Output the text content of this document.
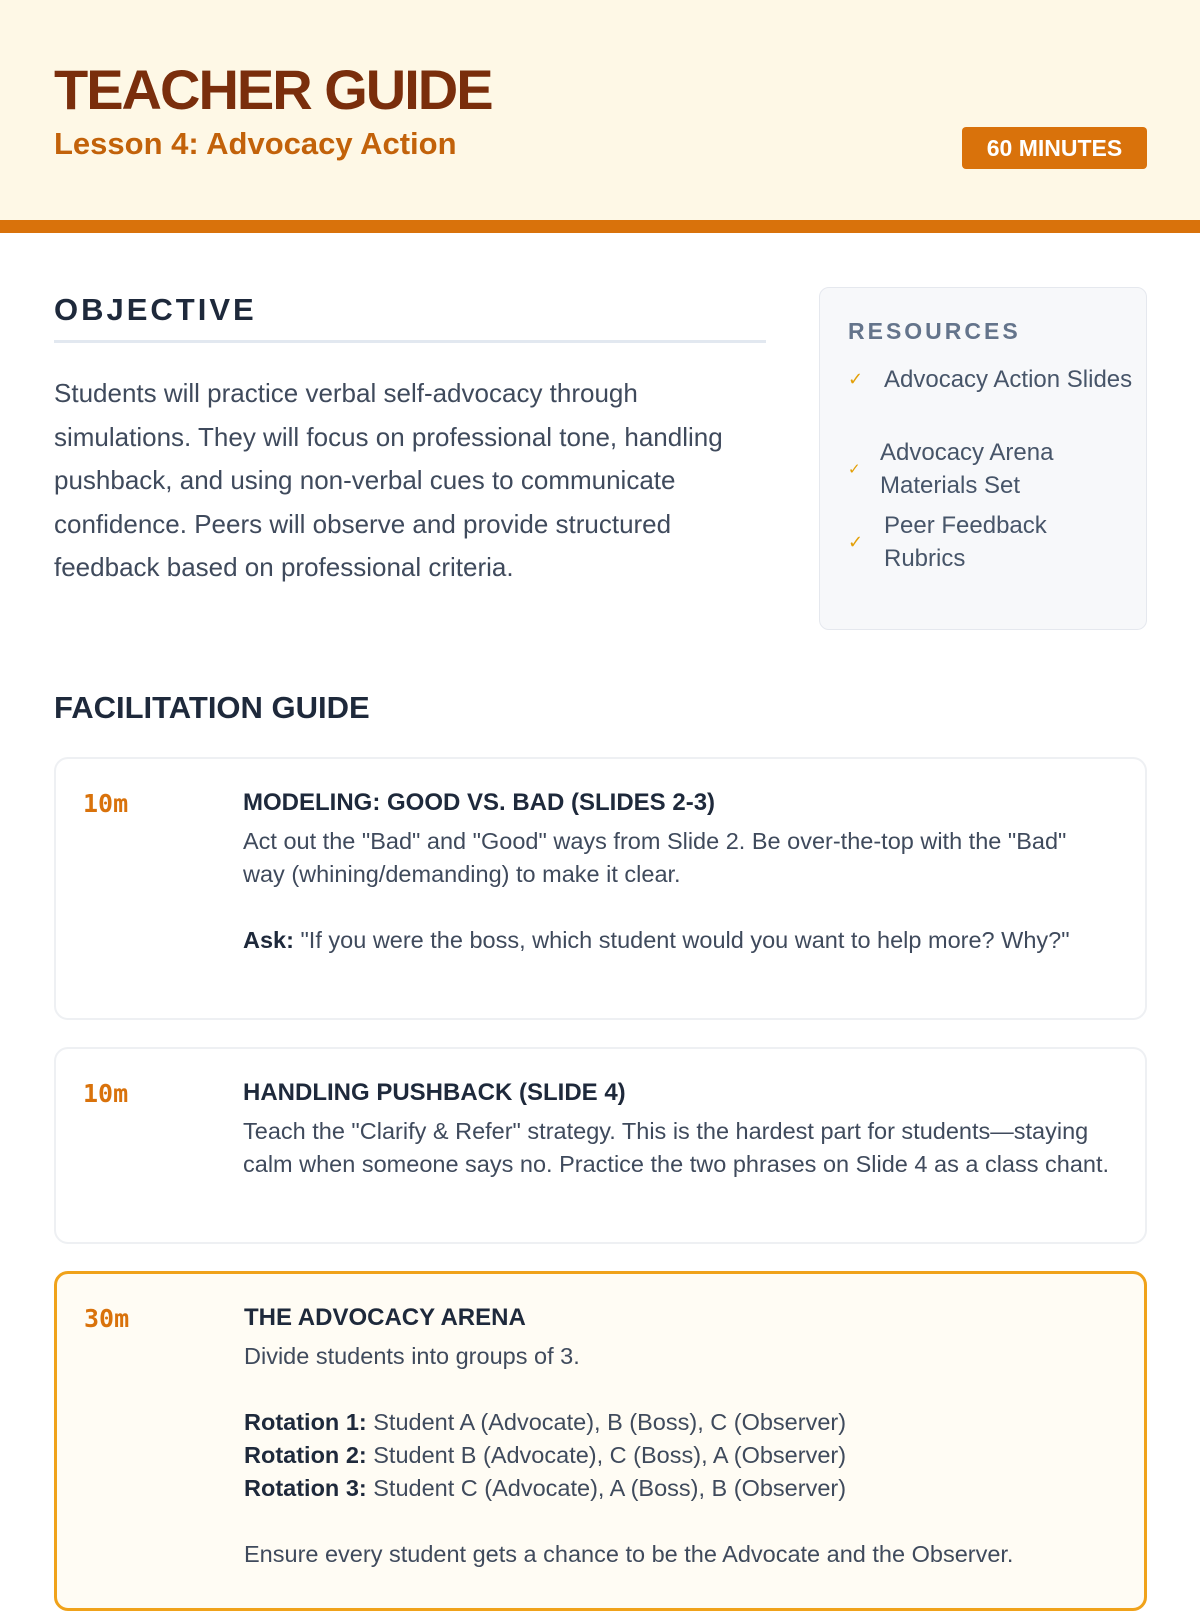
TEACHER GUIDE
Lesson 4: Advocacy Action	60 MINUTES
OBJECTIVE
Students will practice verbal self-advocacy through simulations. They will focus on professional tone, handling pushback, and using non-verbal cues to communicate confidence. Peers will observe and provide structured feedback based on professional criteria.
RESOURCES
✓ Advocacy Action Slides
✓
Advocacy Arena Materials Set
✓
Peer Feedback Rubrics
FACILITATION GUIDE
10m	MODELING: GOOD VS. BAD (SLIDES 2-3)
Act out the "Bad" and "Good" ways from Slide 2. Be over-the-top with the "Bad" way (whining/demanding) to make it clear.
Ask: "If you were the boss, which student would you want to help more? Why?"
10m	HANDLING PUSHBACK (SLIDE 4)
Teach the "Clarify & Refer" strategy. This is the hardest part for students—staying calm when someone says no. Practice the two phrases on Slide 4 as a class chant.
30m	THE ADVOCACY ARENA
Divide students into groups of 3.
Rotation 1: Student A (Advocate), B (Boss), C (Observer)
Rotation 2: Student B (Advocate), C (Boss), A (Observer)
Rotation 3: Student C (Advocate), A (Boss), B (Observer)
Ensure every student gets a chance to be the Advocate and the Observer.
